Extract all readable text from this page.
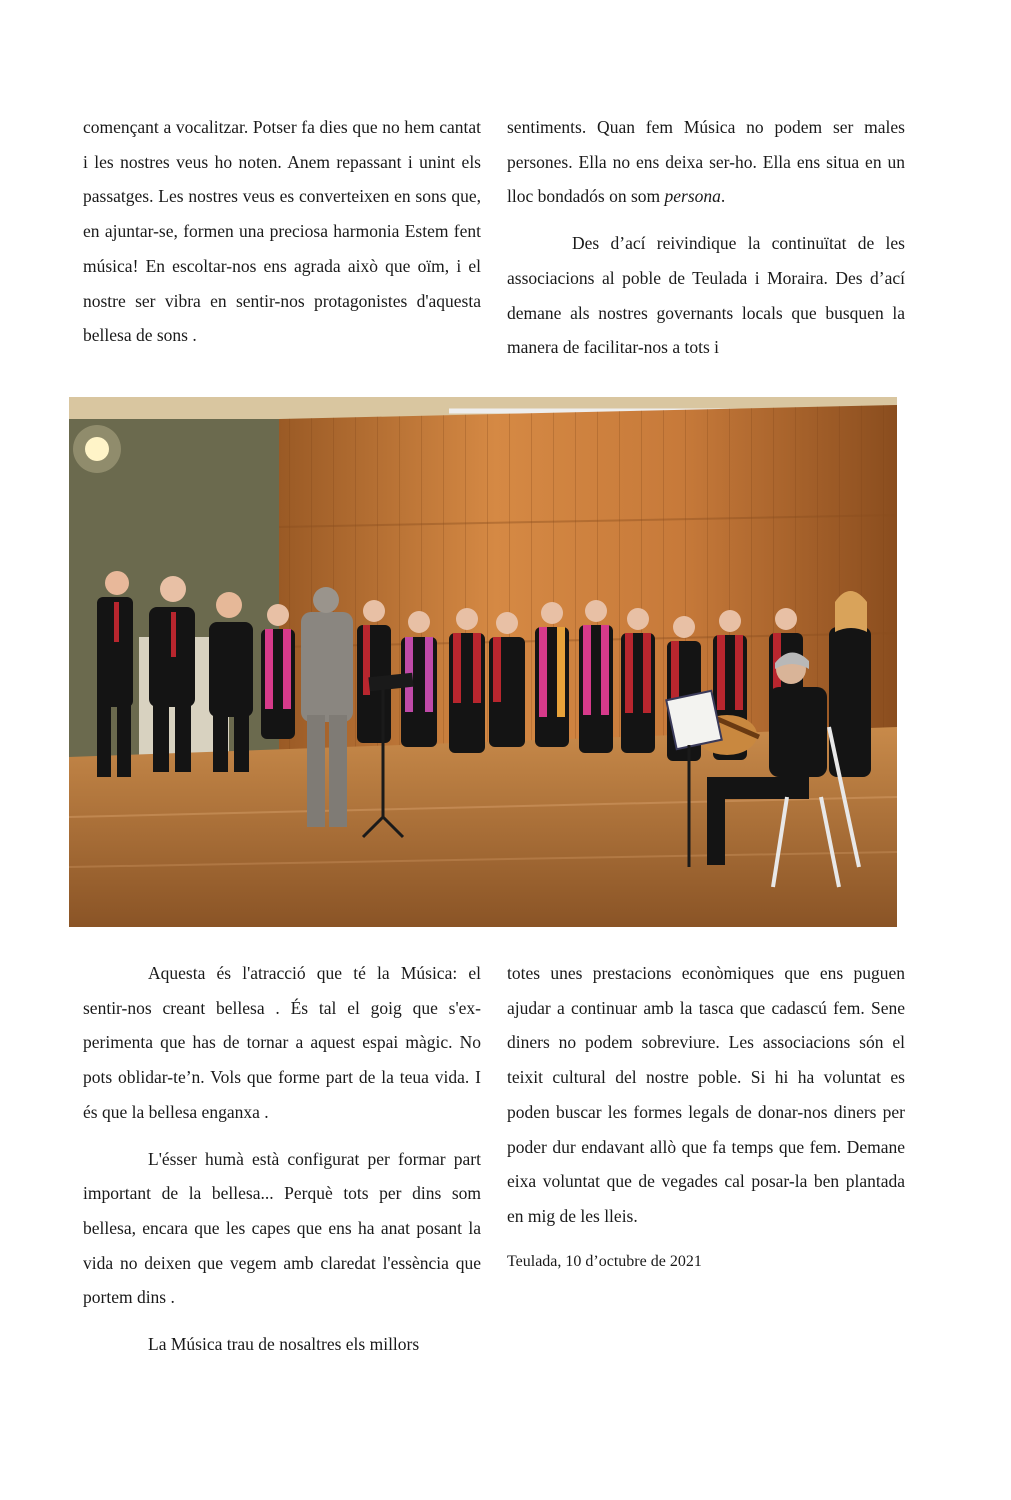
començant a vocalitzar. Potser fa dies que no hem cantat i les nostres veus ho noten. Anem repassant i unint els passatges. Les nostres veus es converteixen en sons que, en ajuntar-se, formen una preciosa harmonia Estem fent música! En escoltar-nos ens agrada això que oïm, i el nostre ser vibra en sentir-nos protagonistes d'aquesta bellesa de sons .

sentiments. Quan fem Música no podem ser males persones. Ella no ens deixa ser-ho. Ella ens situa en un lloc bondadós on som persona.

Des d’ací reivindique la continuïtat de les associacions al poble de Teulada i Moraira. Des d’ací demane als nostres governants locals que busquen la manera de facilitar-nos a tots i

Aquesta és l'atracció que té la Música: el sentir-nos creant bellesa . És tal el goig que s'experimenta que has de tornar a aquest espai màgic. No pots oblidar-te’n. Vols que forme part de la teua vida. I és que la bellesa enganxa .

L'ésser humà està configurat per formar part important de la bellesa... Perquè tots per dins som bellesa, encara que les capes que ens ha anat posant la vida no deixen que vegem amb claredat l'essència que portem dins .

La Música trau de nosaltres els millors

totes unes prestacions econòmiques que ens puguen ajudar a continuar amb la tasca que cadascú fem. Sene diners no podem sobreviure. Les associacions són el teixit cultural del nostre poble. Si hi ha voluntat es poden buscar les formes legals de donar-nos diners per poder dur endavant allò que fa temps que fem. Demane eixa voluntat que de vegades cal posar-la ben plantada en mig de les lleis.

Teulada, 10 d’octubre de 2021
